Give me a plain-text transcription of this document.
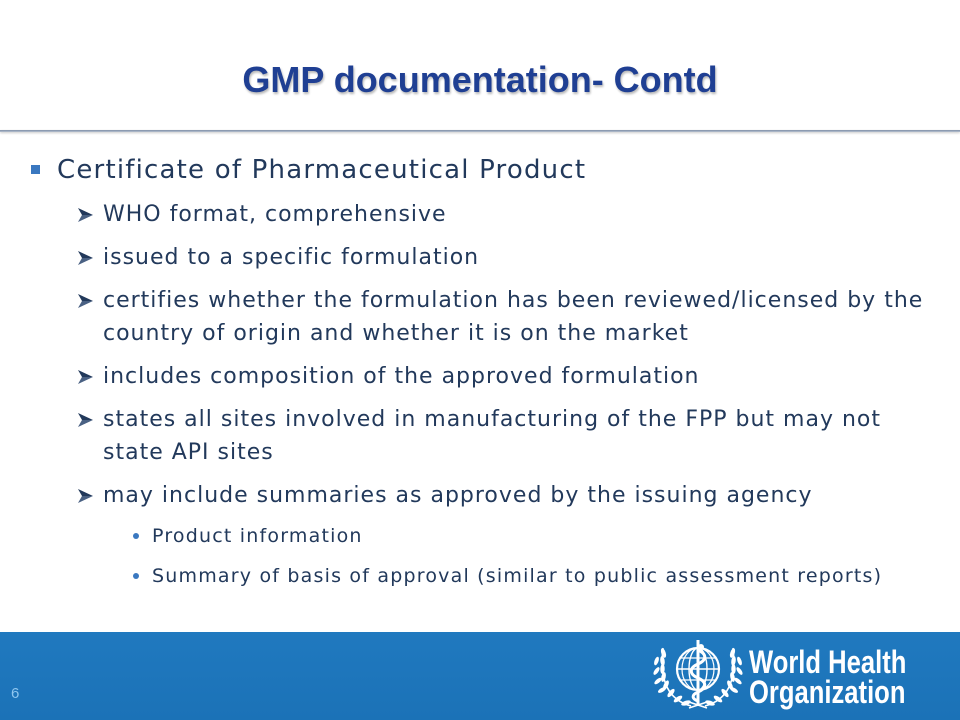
GMP documentation- Contd
Certificate of Pharmaceutical Product
WHO format, comprehensive
issued to a specific formulation
certifies whether the formulation has been reviewed/licensed by the country of origin and whether it is on the market
includes composition of the approved formulation
states all sites involved in manufacturing of the FPP but may not state API sites
may include summaries as approved by the issuing agency
Product information
Summary of basis of approval (similar to public assessment reports)
6
World Health
Organization
